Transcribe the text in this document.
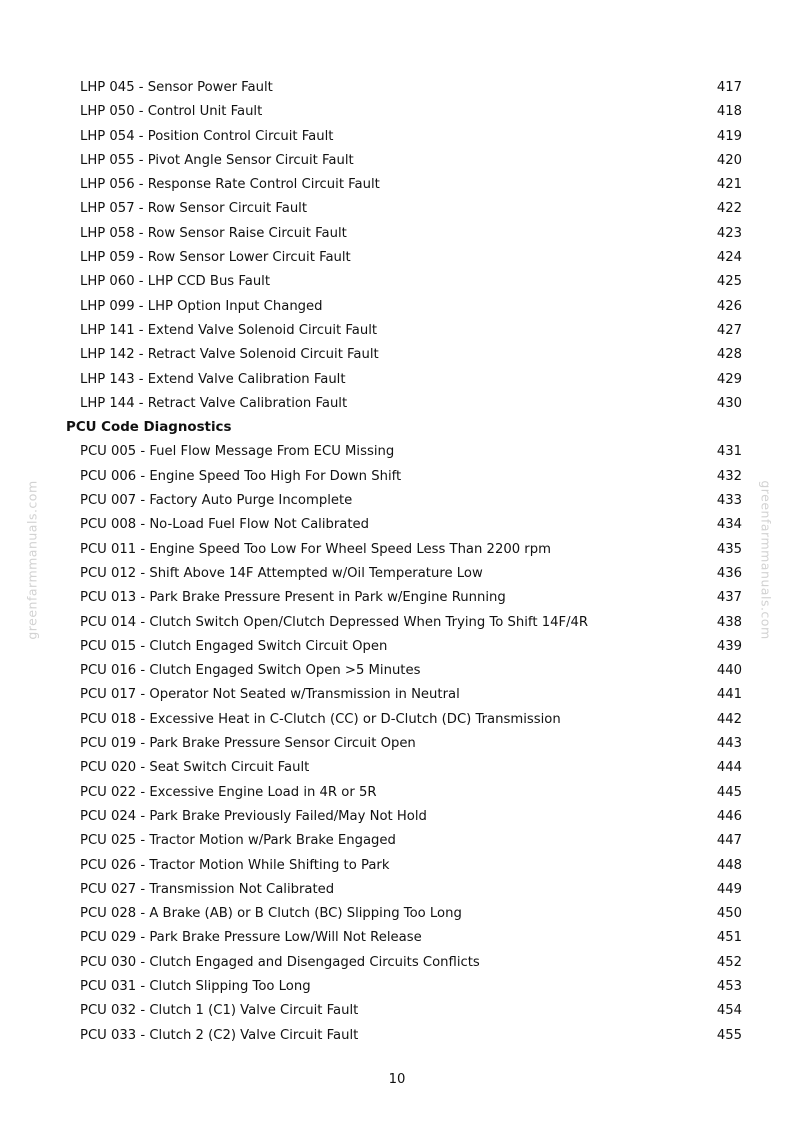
greenfarmmanuals.com	greenfarmmanuals.com
LHP 045 - Sensor Power Fault	417
LHP 050 - Control Unit Fault	418
LHP 054 - Position Control Circuit Fault	419
LHP 055 - Pivot Angle Sensor Circuit Fault	420
LHP 056 - Response Rate Control Circuit Fault	421
LHP 057 - Row Sensor Circuit Fault	422
LHP 058 - Row Sensor Raise Circuit Fault	423
LHP 059 - Row Sensor Lower Circuit Fault	424
LHP 060 - LHP CCD Bus Fault	425
LHP 099 - LHP Option Input Changed	426
LHP 141 - Extend Valve Solenoid Circuit Fault	427
LHP 142 - Retract Valve Solenoid Circuit Fault	428
LHP 143 - Extend Valve Calibration Fault	429
LHP 144 - Retract Valve Calibration Fault	430
PCU Code Diagnostics
PCU 005 - Fuel Flow Message From ECU Missing	431
PCU 006 - Engine Speed Too High For Down Shift	432
PCU 007 - Factory Auto Purge Incomplete	433
PCU 008 - No-Load Fuel Flow Not Calibrated	434
PCU 011 - Engine Speed Too Low For Wheel Speed Less Than 2200 rpm	435
PCU 012 - Shift Above 14F Attempted w/Oil Temperature Low	436
PCU 013 - Park Brake Pressure Present in Park w/Engine Running	437
PCU 014 - Clutch Switch Open/Clutch Depressed When Trying To Shift 14F/4R	438
PCU 015 - Clutch Engaged Switch Circuit Open	439
PCU 016 - Clutch Engaged Switch Open >5 Minutes	440
PCU 017 - Operator Not Seated w/Transmission in Neutral	441
PCU 018 - Excessive Heat in C-Clutch (CC) or D-Clutch (DC) Transmission	442
PCU 019 - Park Brake Pressure Sensor Circuit Open	443
PCU 020 - Seat Switch Circuit Fault	444
PCU 022 - Excessive Engine Load in 4R or 5R	445
PCU 024 - Park Brake Previously Failed/May Not Hold	446
PCU 025 - Tractor Motion w/Park Brake Engaged	447
PCU 026 - Tractor Motion While Shifting to Park	448
PCU 027 - Transmission Not Calibrated	449
PCU 028 - A Brake (AB) or B Clutch (BC) Slipping Too Long	450
PCU 029 - Park Brake Pressure Low/Will Not Release	451
PCU 030 - Clutch Engaged and Disengaged Circuits Conflicts	452
PCU 031 - Clutch Slipping Too Long	453
PCU 032 - Clutch 1 (C1) Valve Circuit Fault	454
PCU 033 - Clutch 2 (C2) Valve Circuit Fault	455
10
